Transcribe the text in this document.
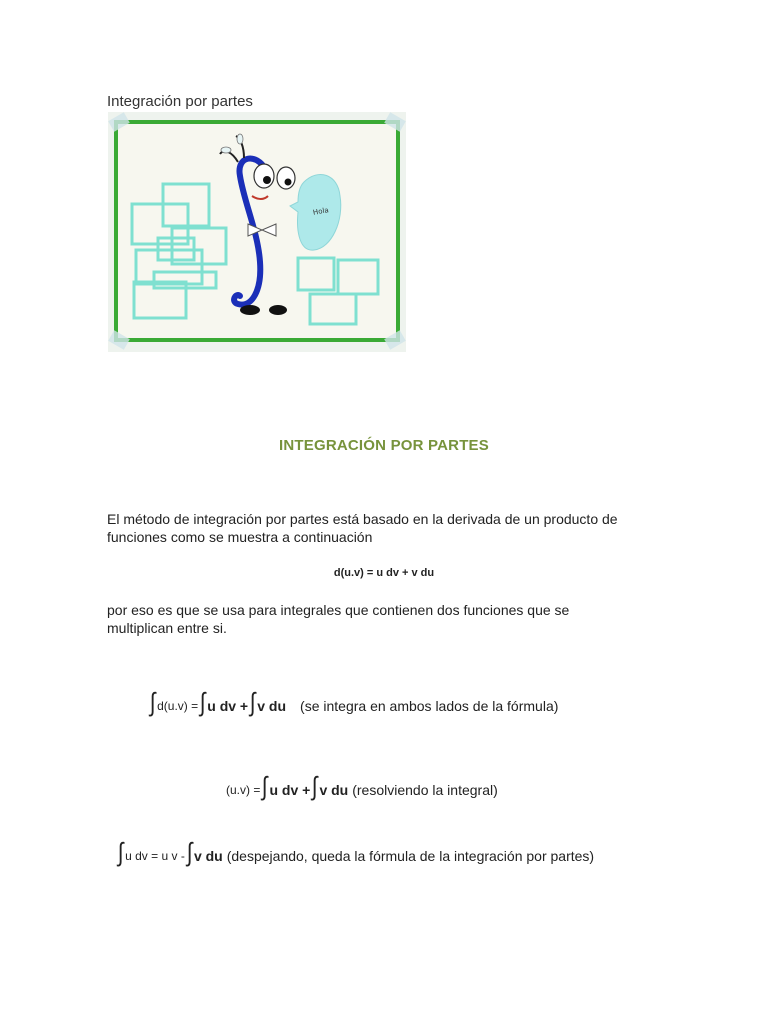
Integración por partes
Hola
INTEGRACIÓN POR PARTES
El método de integración por partes está basado en la derivada de un producto de
funciones como se muestra a continuación
d(u.v) = u dv + v du
por eso es que se usa para integrales que contienen dos funciones que se
multiplican entre si.
∫ d(u.v) = ∫ u dv + ∫ v du (se integra en ambos lados de la fórmula)
(u.v) = ∫ u dv + ∫ v du (resolviendo la integral)
∫ u dv = u v - ∫ v du (despejando, queda la fórmula de la integración por partes)
